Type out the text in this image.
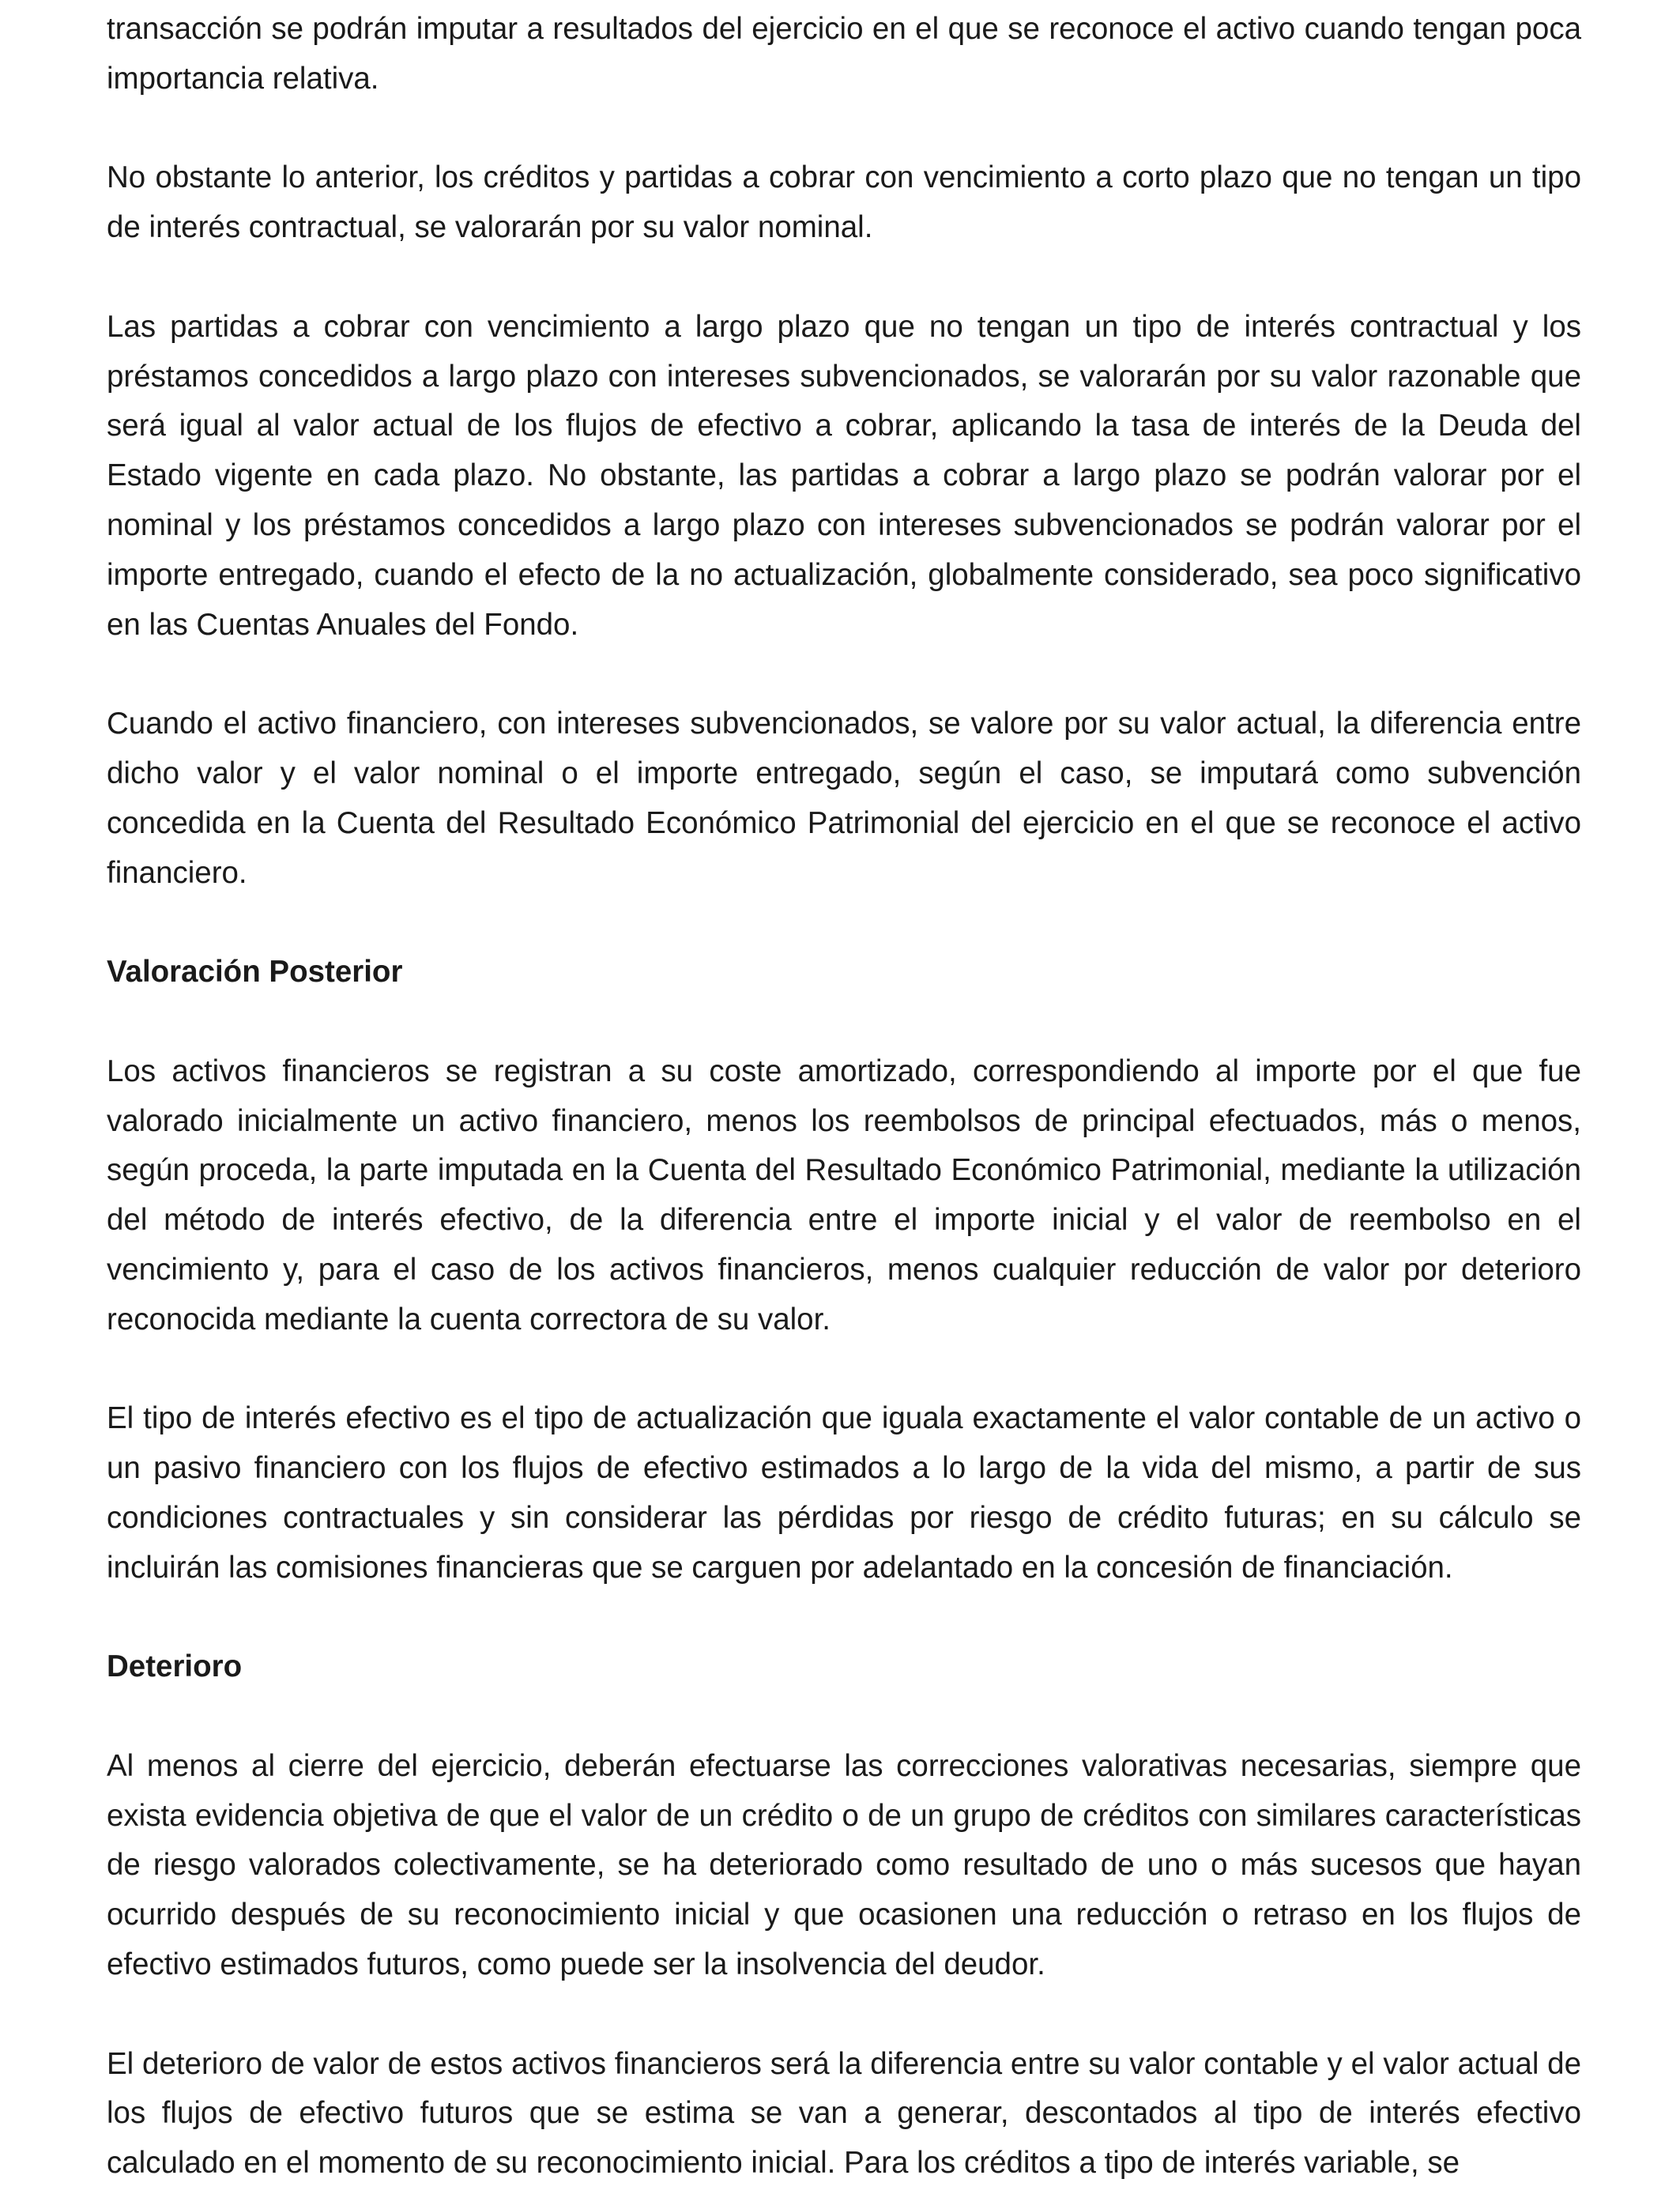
transacción se podrán imputar a resultados del ejercicio en el que se reconoce el activo cuando tengan poca importancia relativa.

No obstante lo anterior, los créditos y partidas a cobrar con vencimiento a corto plazo que no tengan un tipo de interés contractual, se valorarán por su valor nominal.

Las partidas a cobrar con vencimiento a largo plazo que no tengan un tipo de interés contractual y los préstamos concedidos a largo plazo con intereses subvencionados, se valorarán por su valor razonable que será igual al valor actual de los flujos de efectivo a cobrar, aplicando la tasa de interés de la Deuda del Estado vigente en cada plazo. No obstante, las partidas a cobrar a largo plazo se podrán valorar por el nominal y los préstamos concedidos a largo plazo con intereses subvencionados se podrán valorar por el importe entregado, cuando el efecto de la no actualización, globalmente considerado, sea poco significativo en las Cuentas Anuales del Fondo.

Cuando el activo financiero, con intereses subvencionados, se valore por su valor actual, la diferencia entre dicho valor y el valor nominal o el importe entregado, según el caso, se imputará como subvención concedida en la Cuenta del Resultado Económico Patrimonial del ejercicio en el que se reconoce el activo financiero.

Valoración Posterior

Los activos financieros se registran a su coste amortizado, correspondiendo al importe por el que fue valorado inicialmente un activo financiero, menos los reembolsos de principal efectuados, más o menos, según proceda, la parte imputada en la Cuenta del Resultado Económico Patrimonial, mediante la utilización del método de interés efectivo, de la diferencia entre el importe inicial y el valor de reembolso en el vencimiento y, para el caso de los activos financieros, menos cualquier reducción de valor por deterioro reconocida mediante la cuenta correctora de su valor.

El tipo de interés efectivo es el tipo de actualización que iguala exactamente el valor contable de un activo o un pasivo financiero con los flujos de efectivo estimados a lo largo de la vida del mismo, a partir de sus condiciones contractuales y sin considerar las pérdidas por riesgo de crédito futuras; en su cálculo se incluirán las comisiones financieras que se carguen por adelantado en la concesión de financiación.

Deterioro

Al menos al cierre del ejercicio, deberán efectuarse las correcciones valorativas necesarias, siempre que exista evidencia objetiva de que el valor de un crédito o de un grupo de créditos con similares características de riesgo valorados colectivamente, se ha deteriorado como resultado de uno o más sucesos que hayan ocurrido después de su reconocimiento inicial y que ocasionen una reducción o retraso en los flujos de efectivo estimados futuros, como puede ser la insolvencia del deudor.

El deterioro de valor de estos activos financieros será la diferencia entre su valor contable y el valor actual de los flujos de efectivo futuros que se estima se van a generar, descontados al tipo de interés efectivo calculado en el momento de su reconocimiento inicial. Para los créditos a tipo de interés variable, se
